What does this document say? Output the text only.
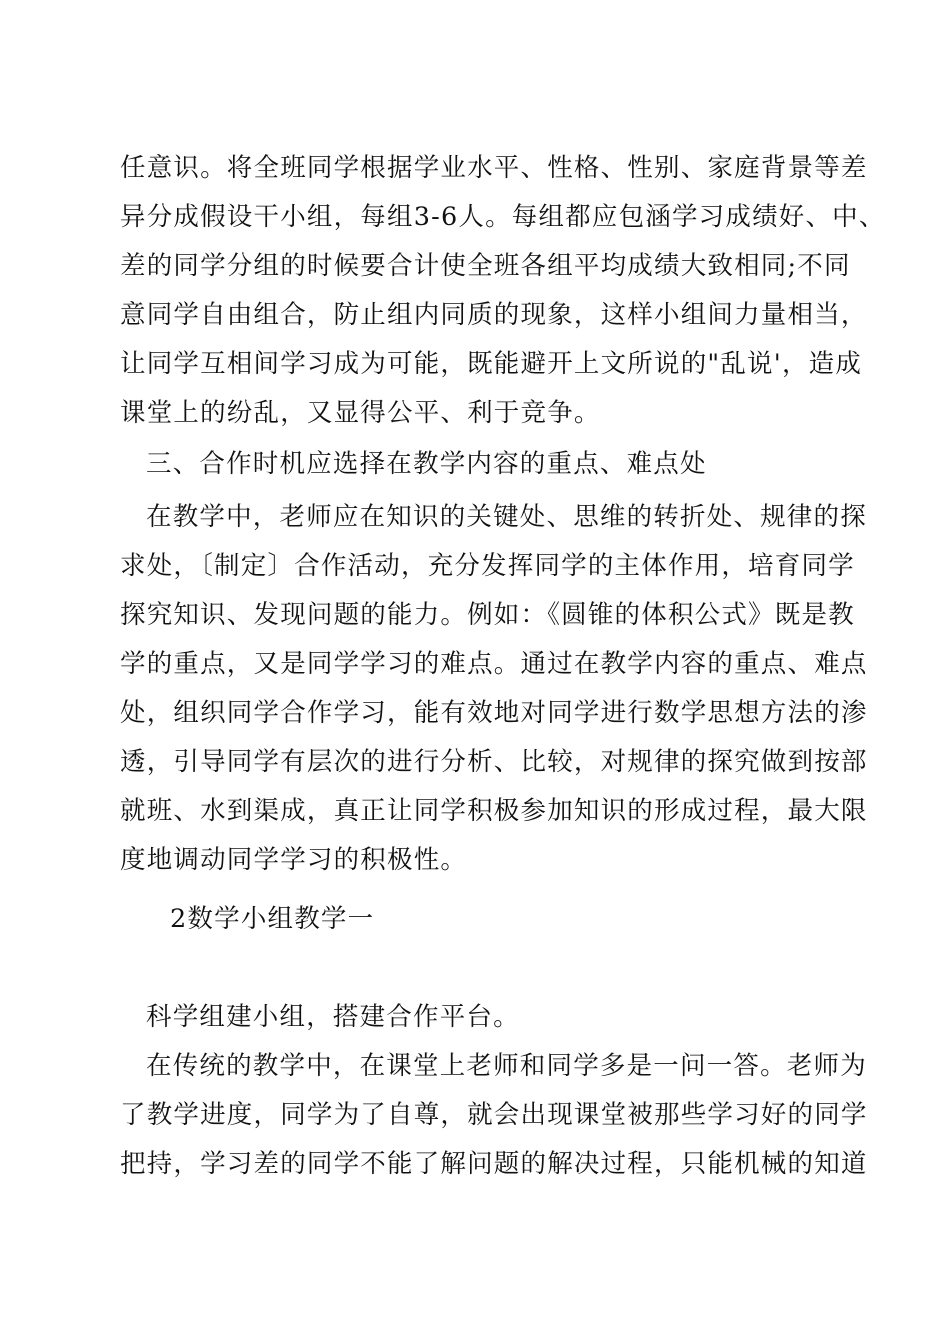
任意识。将全班同学根据学业水平、性格、性别、家庭背景等差
异分成假设干小组，每组3-6人。每组都应包涵学习成绩好、中、
差的同学分组的时候要合计使全班各组平均成绩大致相同;不同
意同学自由组合，防止组内同质的现象，这样小组间力量相当，
让同学互相间学习成为可能，既能避开上文所说的"乱说'，造成
课堂上的纷乱，又显得公平、利于竞争。
三、合作时机应选择在教学内容的重点、难点处
在教学中，老师应在知识的关键处、思维的转折处、规律的探
求处，〔制定〕合作活动，充分发挥同学的主体作用，培育同学
探究知识、发现问题的能力。例如：《圆锥的体积公式》既是教
学的重点，又是同学学习的难点。通过在教学内容的重点、难点
处，组织同学合作学习，能有效地对同学进行数学思想方法的渗
透，引导同学有层次的进行分析、比较，对规律的探究做到按部
就班、水到渠成，真正让同学积极参加知识的形成过程，最大限
度地调动同学学习的积极性。
2数学小组教学一
科学组建小组，搭建合作平台。
在传统的教学中，在课堂上老师和同学多是一问一答。老师为
了教学进度，同学为了自尊，就会出现课堂被那些学习好的同学
把持，学习差的同学不能了解问题的解决过程，只能机械的知道
